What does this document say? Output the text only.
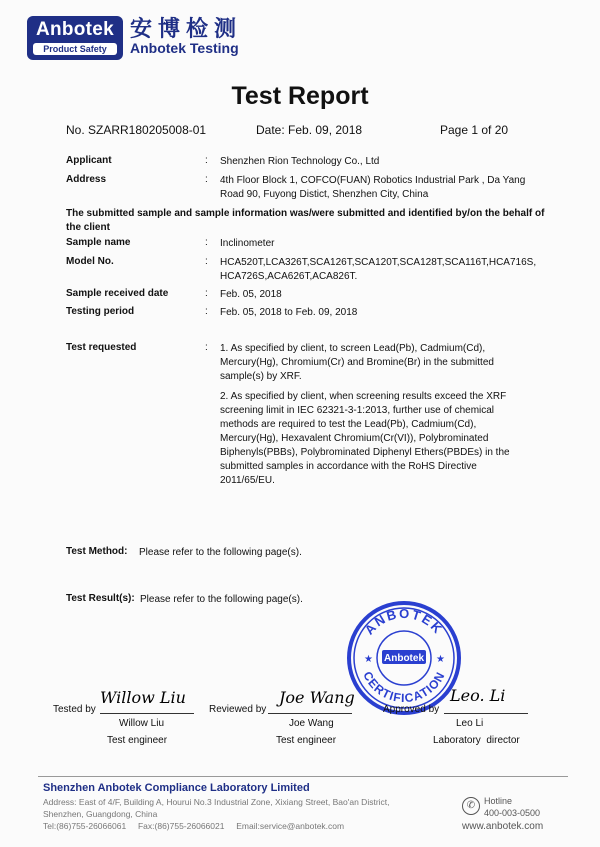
Anbotek
Product Safety
安博检测
Anbotek Testing
Test Report
No. SZARR180205008-01	Date: Feb. 09, 2018	Page 1 of 20
Applicant	: Shenzhen Rion Technology Co., Ltd
Address	: 4th Floor Block 1, COFCO(FUAN) Robotics Industrial Park , Da Yang Road 90, Fuyong Distict, Shenzhen City, China
The submitted sample and sample information was/were submitted and identified by/on the behalf of the client
Sample name	: Inclinometer
Model No.	: HCA520T,LCA326T,SCA126T,SCA120T,SCA128T,SCA116T,HCA716S,HCA726S,ACA626T,ACA826T.
Sample received date	: Feb. 05, 2018
Testing period	: Feb. 05, 2018 to Feb. 09, 2018
Test requested	: 1. As specified by client, to screen Lead(Pb), Cadmium(Cd), Mercury(Hg), Chromium(Cr) and Bromine(Br) in the submitted sample(s) by XRF.
2. As specified by client, when screening results exceed the XRF screening limit in IEC 62321-3-1:2013, further use of chemical methods are required to test the Lead(Pb), Cadmium(Cd), Mercury(Hg), Hexavalent Chromium(Cr(VI)), Polybrominated Biphenyls(PBBs), Polybrominated Diphenyl Ethers(PBDEs) in the submitted samples in accordance with the RoHS Directive 2011/65/EU.
Test Method: Please refer to the following page(s).
Test Result(s): Please refer to the following page(s).
ANBOTEK
CERTIFICATION
Anbotek
★	★
Tested by
Willow Liu
Willow Liu
Test engineer
Reviewed by
Joe Wang
Joe Wang
Test engineer
Approved by
Leo. Li
Leo Li
Laboratory  director
Shenzhen Anbotek Compliance Laboratory Limited
Address: East of 4/F, Building A, Hourui No.3 Industrial Zone, Xixiang Street, Bao'an District,
Shenzhen, Guangdong, China
Tel:(86)755-26066061     Fax:(86)755-26066021     Email:service@anbotek.com
✆ Hotline
400-003-0500
www.anbotek.com
